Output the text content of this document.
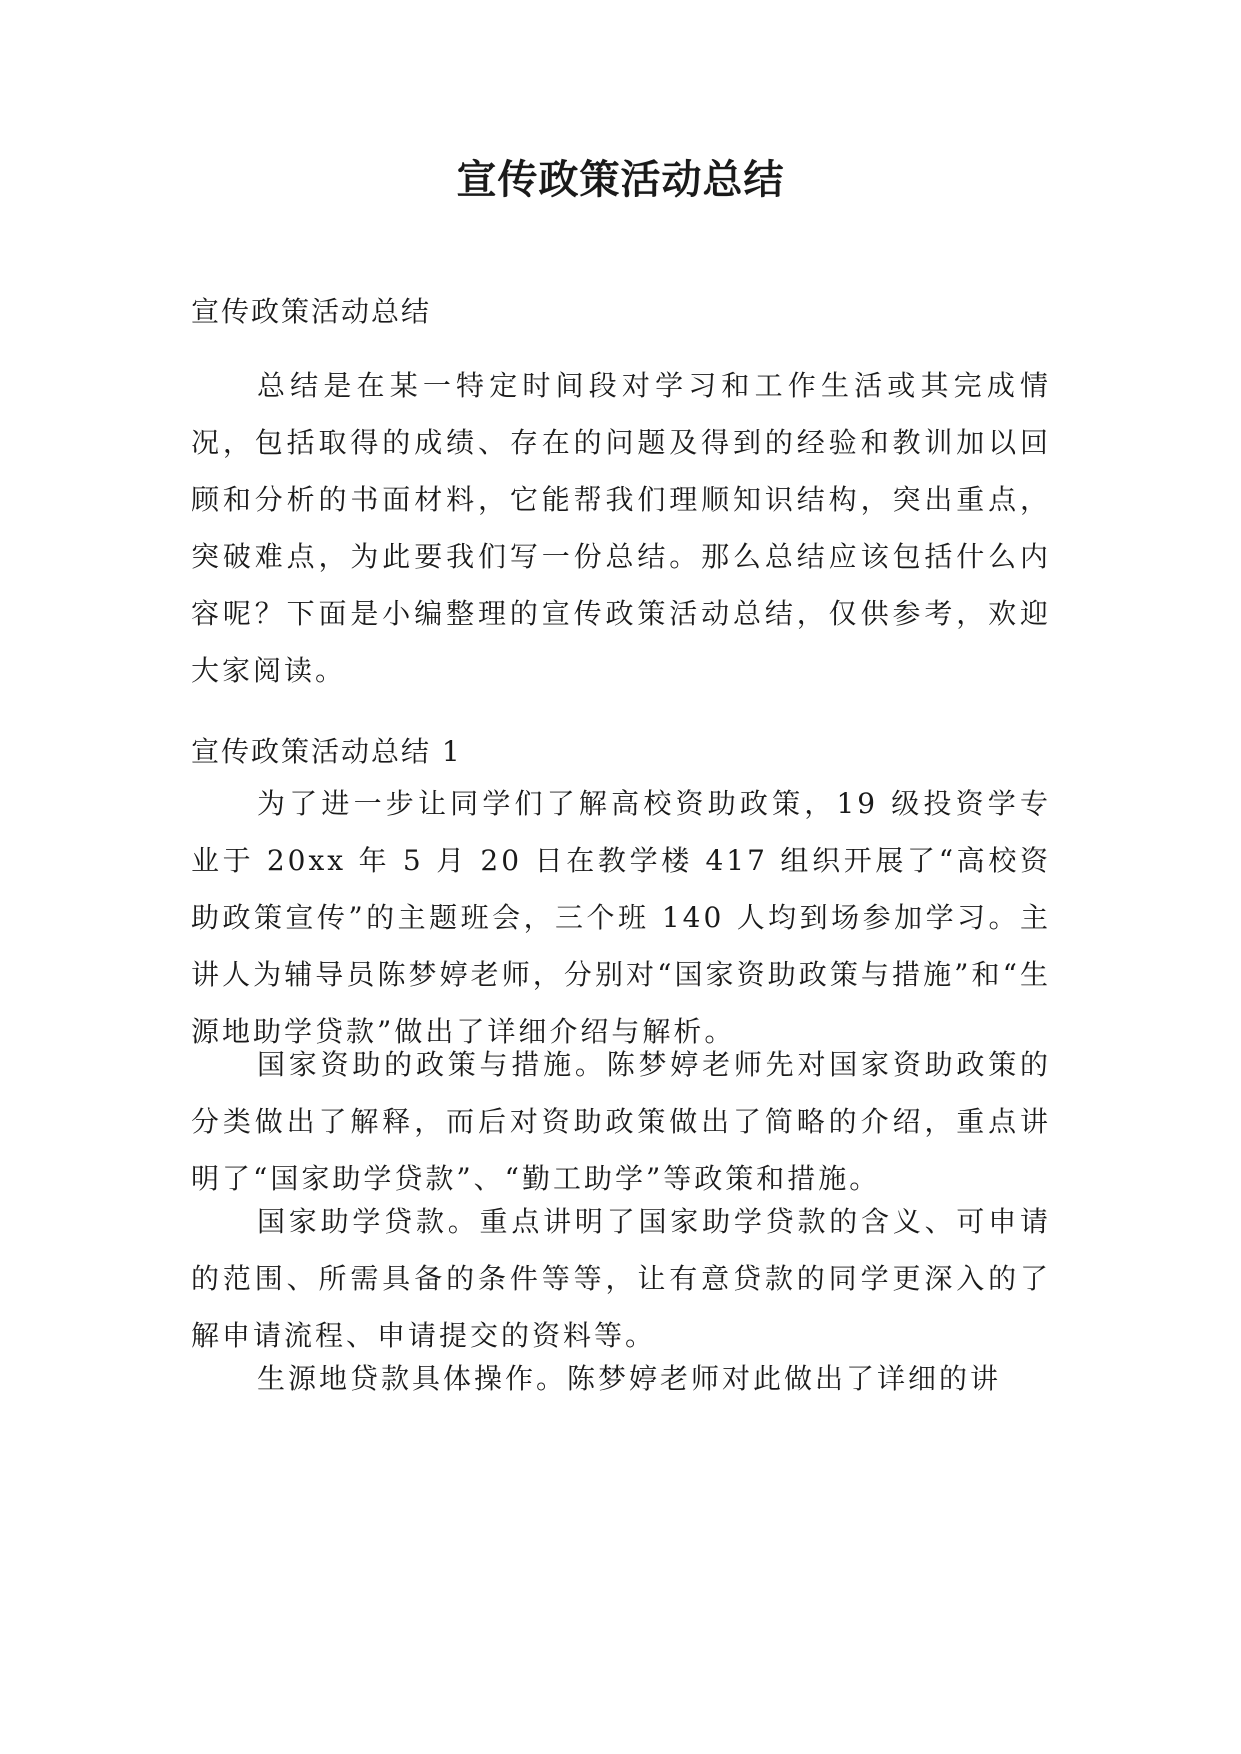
宣传政策活动总结
宣传政策活动总结

总结是在某一特定时间段对学习和工作生活或其完成情况，包括取得的成绩、存在的问题及得到的经验和教训加以回顾和分析的书面材料，它能帮我们理顺知识结构，突出重点，突破难点，为此要我们写一份总结。那么总结应该包括什么内容呢？下面是小编整理的宣传政策活动总结，仅供参考，欢迎大家阅读。

宣传政策活动总结 1

为了进一步让同学们了解高校资助政策，19 级投资学专业于 20xx 年 5 月 20 日在教学楼 417 组织开展了“高校资助政策宣传”的主题班会，三个班 140 人均到场参加学习。主讲人为辅导员陈梦婷老师，分别对“国家资助政策与措施”和“生源地助学贷款”做出了详细介绍与解析。

国家资助的政策与措施。陈梦婷老师先对国家资助政策的分类做出了解释，而后对资助政策做出了简略的介绍，重点讲明了“国家助学贷款”、“勤工助学”等政策和措施。

国家助学贷款。重点讲明了国家助学贷款的含义、可申请的范围、所需具备的条件等等，让有意贷款的同学更深入的了解申请流程、申请提交的资料等。

生源地贷款具体操作。陈梦婷老师对此做出了详细的讲
